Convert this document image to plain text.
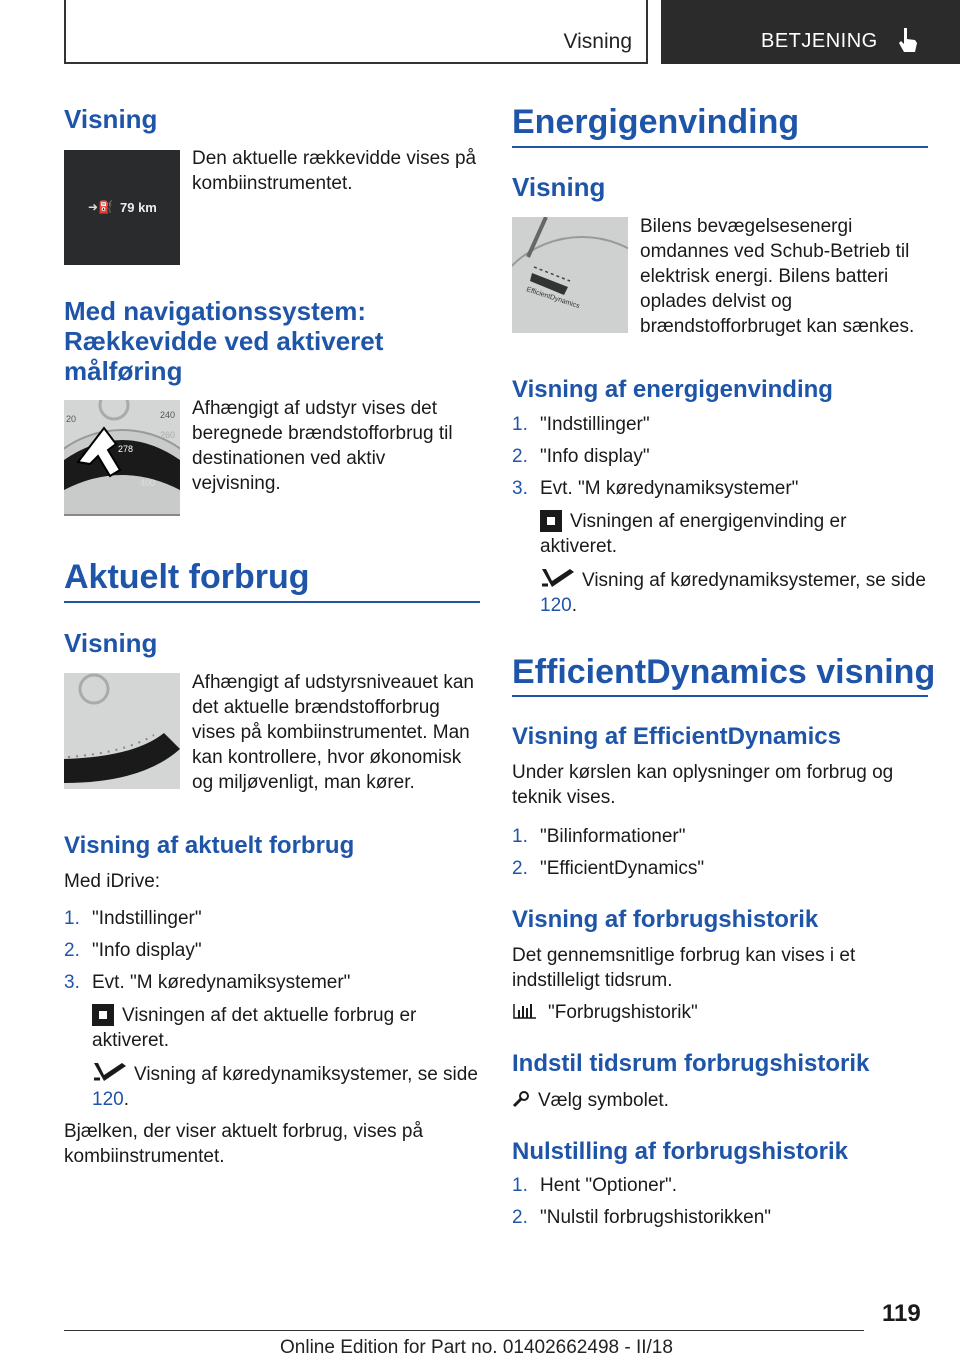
Visning	BETJENING
Visning
➜⛽ 79 km
Den aktuelle rækkevidde vises på kombiinstrumentet.
Med navigationssystem: Rækkevidde ved aktiveret målføring
20	240
260
278
400
Afhængigt af udstyr vises det beregnede brændstofforbrug til destinationen ved aktiv vejvisning.
Aktuelt forbrug
Visning
Afhængigt af udstyrsniveauet kan det aktuelle brændstofforbrug vises på kombiinstrumentet. Man kan kontrollere, hvor økonomisk og miljøvenligt, man kører.
Visning af aktuelt forbrug
Med iDrive:
1. "Indstillinger"
2. "Info display"
3. Evt. "M køredynamiksystemer"
Visningen af det aktuelle forbrug er aktiveret.
Visning af køredynamiksystemer, se side 120.
Bjælken, der viser aktuelt forbrug, vises på kombiinstrumentet.
Energigenvinding
Visning
EfficientDynamics
Bilens bevægelsesenergi omdannes ved Schub-Betrieb til elektrisk energi. Bilens batteri oplades delvist og brændstofforbruget kan sænkes.
Visning af energigenvinding
1. "Indstillinger"
2. "Info display"
3. Evt. "M køredynamiksystemer"
Visningen af energigenvinding er aktiveret.
Visning af køredynamiksystemer, se side 120.
EfficientDynamics visning
Visning af EfficientDynamics
Under kørslen kan oplysninger om forbrug og teknik vises.
1. "Bilinformationer"
2. "EfficientDynamics"
Visning af forbrugshistorik
Det gennemsnitlige forbrug kan vises i et indstilleligt tidsrum.
"Forbrugshistorik"
Indstil tidsrum forbrugshistorik
Vælg symbolet.
Nulstilling af forbrugshistorik
1. Hent "Optioner".
2. "Nulstil forbrugshistorikken"
119
Online Edition for Part no. 01402662498 - II/18
